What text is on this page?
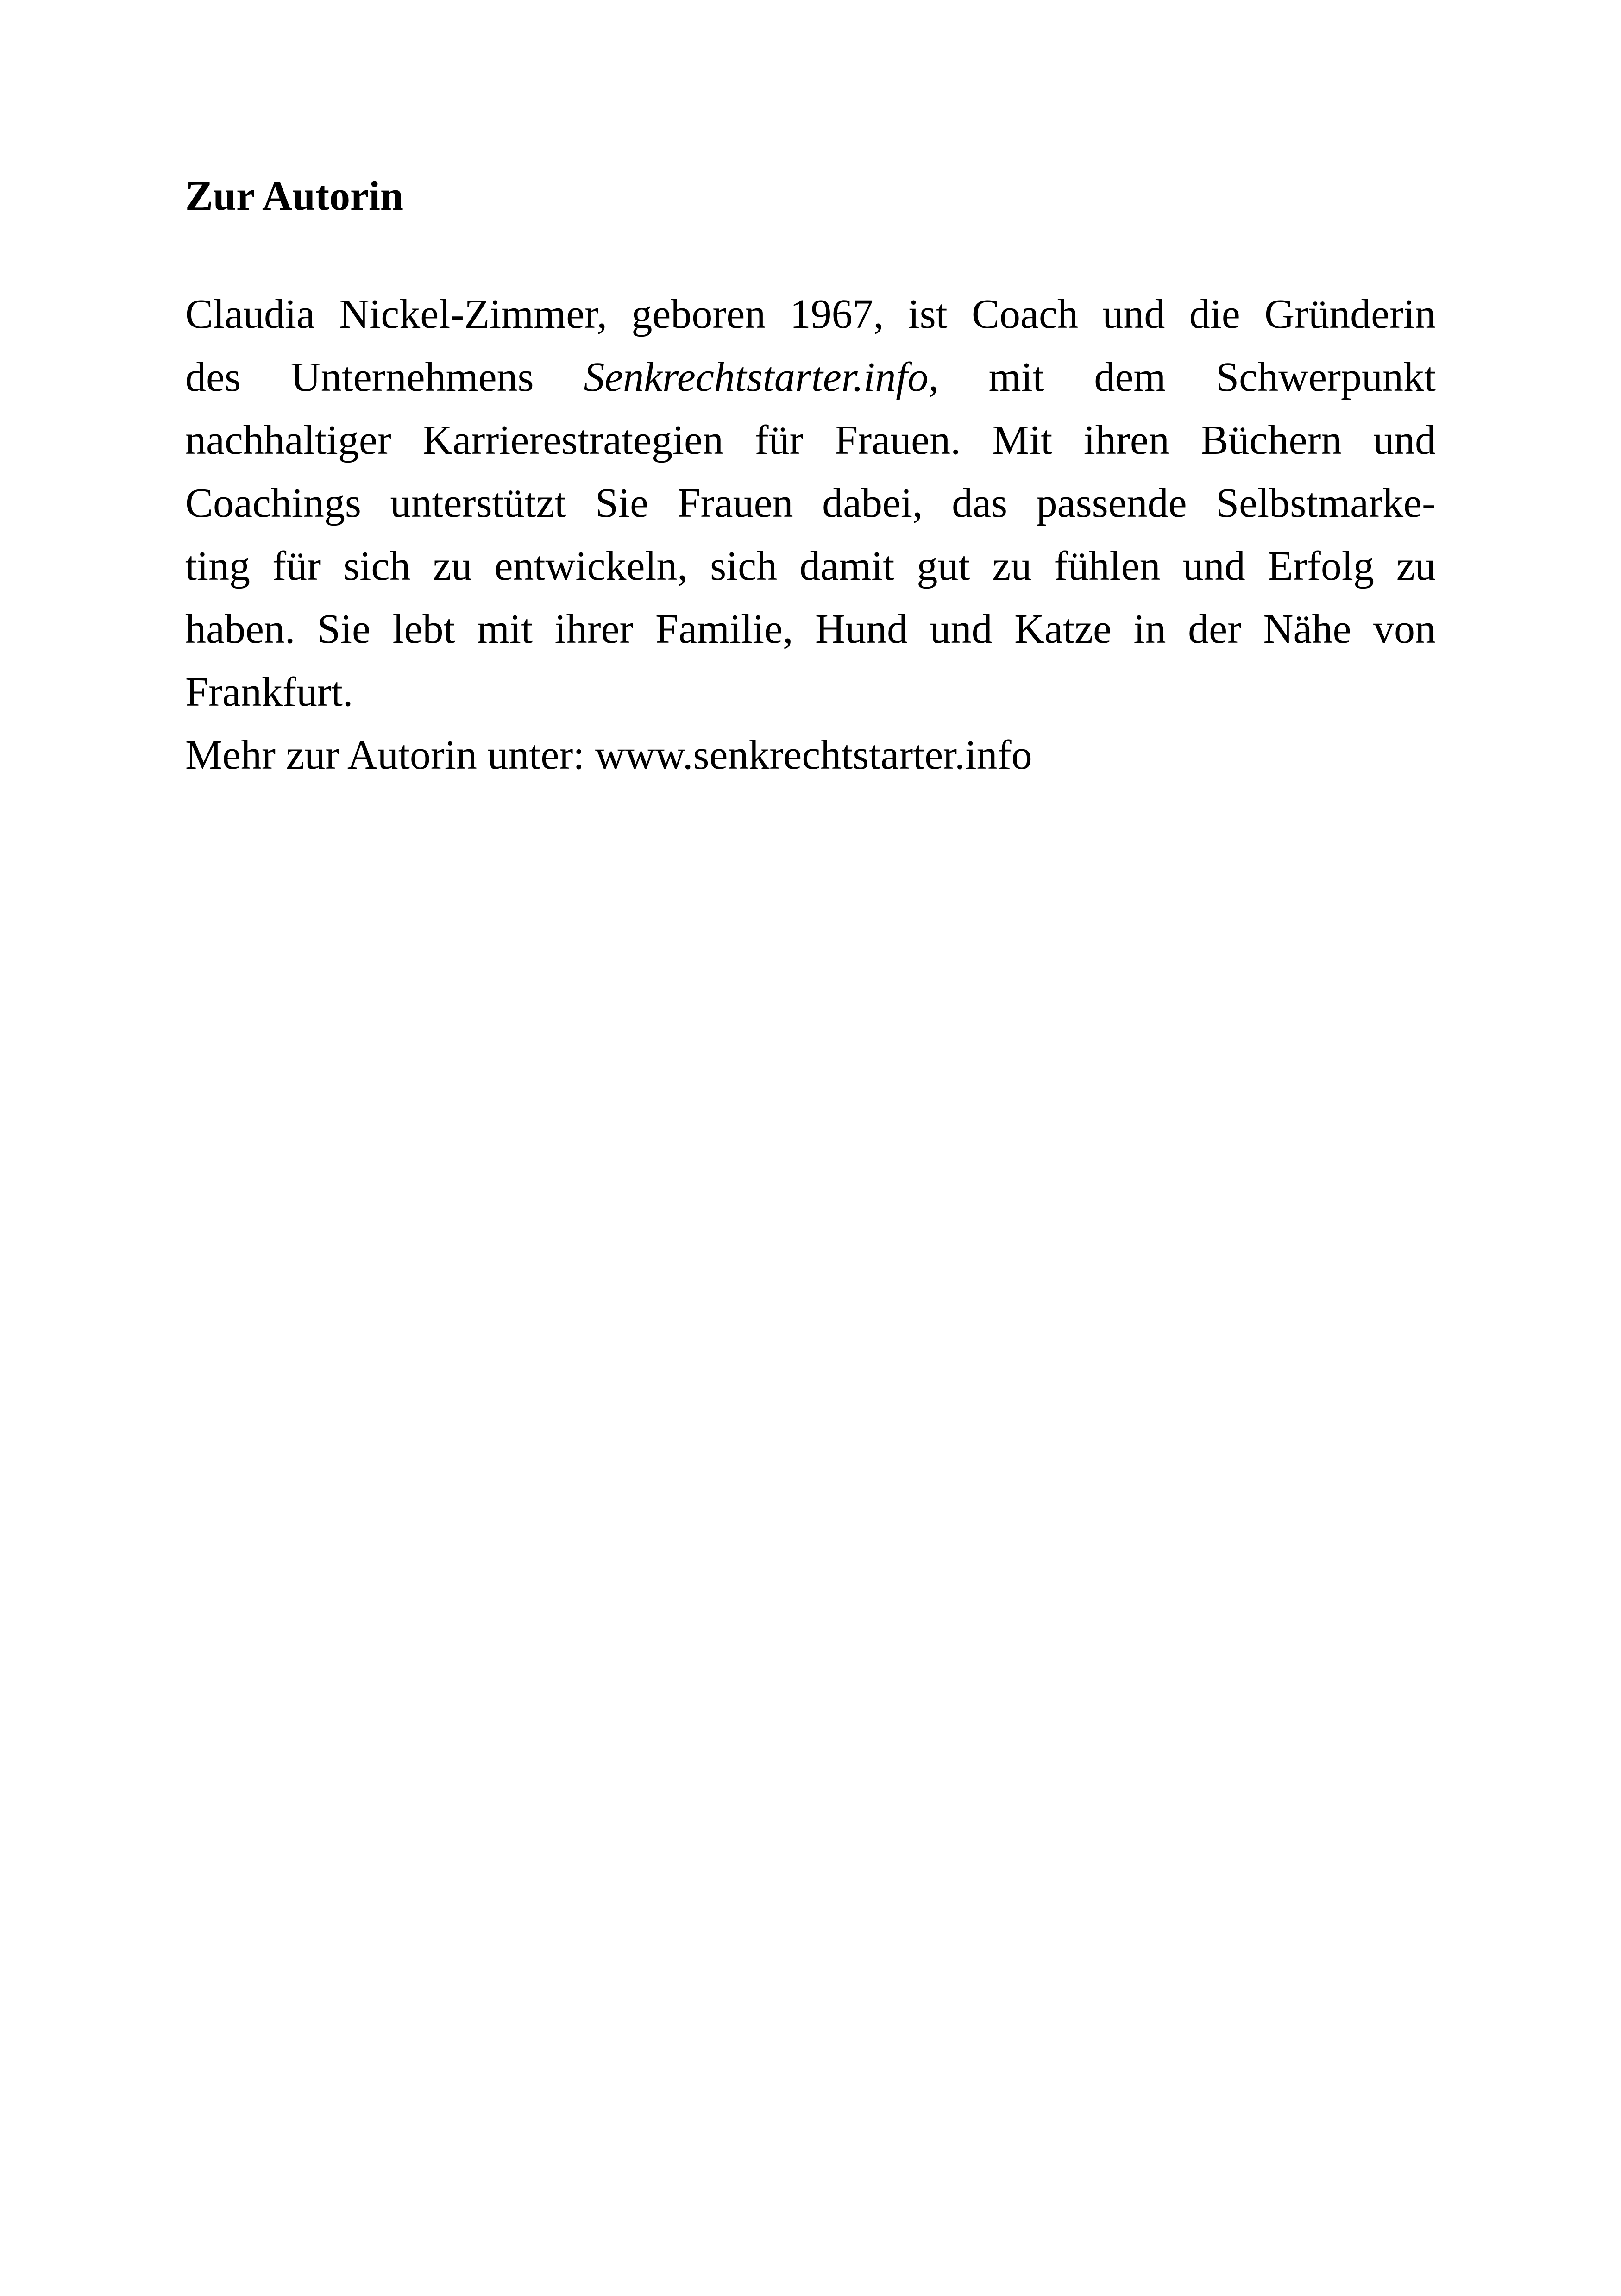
Zur Autorin
Claudia Nickel-Zimmer, geboren 1967, ist Coach und die Gründerin
des Unternehmens Senkrechtstarter.info, mit dem Schwerpunkt
nachhaltiger Karrierestrategien für Frauen. Mit ihren Büchern und
Coachings unterstützt Sie Frauen dabei, das passende Selbstmarke-
ting für sich zu entwickeln, sich damit gut zu fühlen und Erfolg zu
haben. Sie lebt mit ihrer Familie, Hund und Katze in der Nähe von
Frankfurt.

Mehr zur Autorin unter: www.senkrechtstarter.info
